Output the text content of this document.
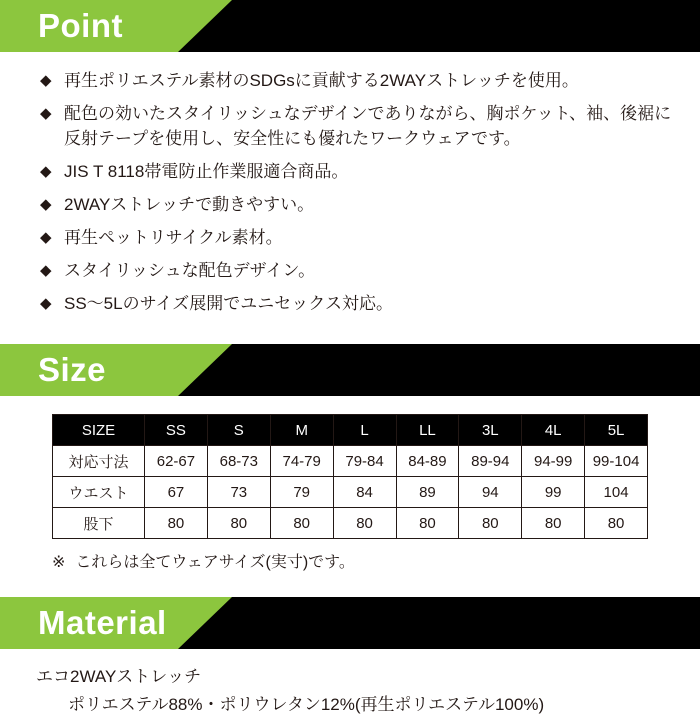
Point
◆ 再生ポリエステル素材のSDGsに貢献する2WAYストレッチを使用。
◆ 配色の効いたスタイリッシュなデザインでありながら、胸ポケット、袖、後裾に反射テープを使用し、安全性にも優れたワークウェアです。
◆ JIS T 8118帯電防止作業服適合商品。
◆ 2WAYストレッチで動きやすい。
◆ 再生ペットリサイクル素材。
◆ スタイリッシュな配色デザイン。
◆ SS〜5Lのサイズ展開でユニセックス対応。
Size
SIZE	SS	S	M	L	LL	3L	4L	5L
対応寸法	62-67	68-73	74-79	79-84	84-89	89-94	94-99	99-104
ウエスト	67	73	79	84	89	94	99	104
股下	80	80	80	80	80	80	80	80
※ これらは全てウェアサイズ(実寸)です。
Material
エコ2WAYストレッチ
ポリエステル88%・ポリウレタン12%(再生ポリエステル100%)
